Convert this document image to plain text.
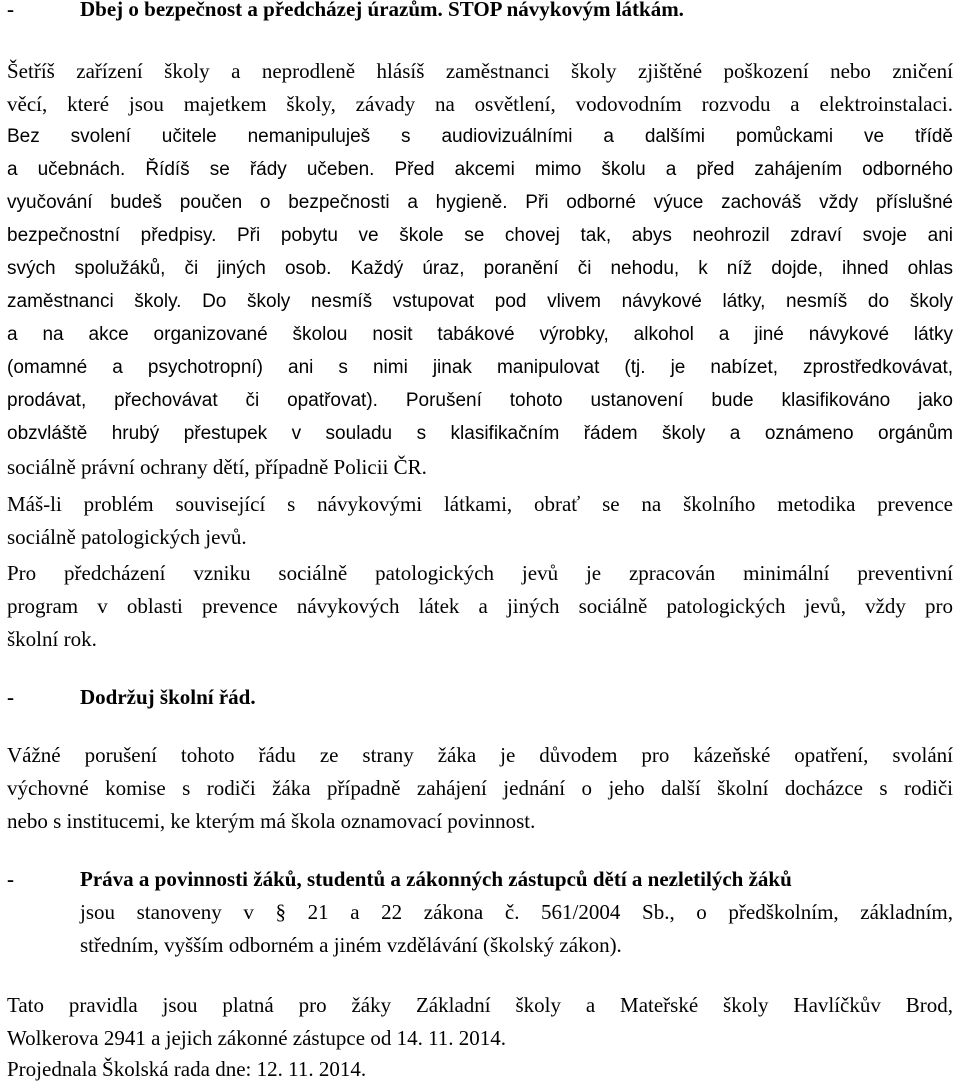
-	Dbej o bezpečnost a předcházej úrazům. STOP návykovým látkám.
Šetříš zařízení školy a neprodleně hlásíš zaměstnanci školy zjištěné poškození nebo zničení
věcí, které jsou majetkem školy, závady na osvětlení, vodovodním rozvodu a elektroinstalaci.
Bez svolení učitele nemanipuluješ s audiovizuálními a dalšími pomůckami ve třídě
a učebnách. Řídíš se řády učeben. Před akcemi mimo školu a před zahájením odborného
vyučování budeš poučen o bezpečnosti a hygieně. Při odborné výuce zachováš vždy příslušné
bezpečnostní předpisy. Při pobytu ve škole se chovej tak, abys neohrozil zdraví svoje ani
svých spolužáků, či jiných osob. Každý úraz, poranění či nehodu, k níž dojde, ihned ohlas
zaměstnanci školy. Do školy nesmíš vstupovat pod vlivem návykové látky, nesmíš do školy
a na akce organizované školou nosit tabákové výrobky, alkohol a jiné návykové látky
(omamné a psychotropní) ani s nimi jinak manipulovat (tj. je nabízet, zprostředkovávat,
prodávat, přechovávat či opatřovat). Porušení tohoto ustanovení bude klasifikováno jako
obzvláště hrubý přestupek v souladu s klasifikačním řádem školy a oznámeno orgánům
sociálně právní ochrany dětí, případně Policii ČR.
Máš-li problém související s návykovými látkami, obrať se na školního metodika prevence
sociálně patologických jevů.
Pro předcházení vzniku sociálně patologických jevů je zpracován minimální preventivní
program v oblasti prevence návykových látek a jiných sociálně patologických jevů, vždy pro
školní rok.
-	Dodržuj školní řád.
Vážné porušení tohoto řádu ze strany žáka je důvodem pro kázeňské opatření, svolání
výchovné komise s rodiči žáka případně zahájení jednání o jeho další školní docházce s rodiči
nebo s institucemi, ke kterým má škola oznamovací povinnost.
-	Práva a povinnosti žáků, studentů a zákonných zástupců dětí a nezletilých žáků
jsou stanoveny v § 21 a 22 zákona č. 561/2004 Sb., o předškolním, základním,
středním, vyšším odborném a jiném vzdělávání (školský zákon).
Tato pravidla jsou platná pro žáky Základní školy a Mateřské školy Havlíčkův Brod,
Wolkerova 2941 a jejich zákonné zástupce od 14. 11. 2014.
Projednala Školská rada dne: 12. 11. 2014.
